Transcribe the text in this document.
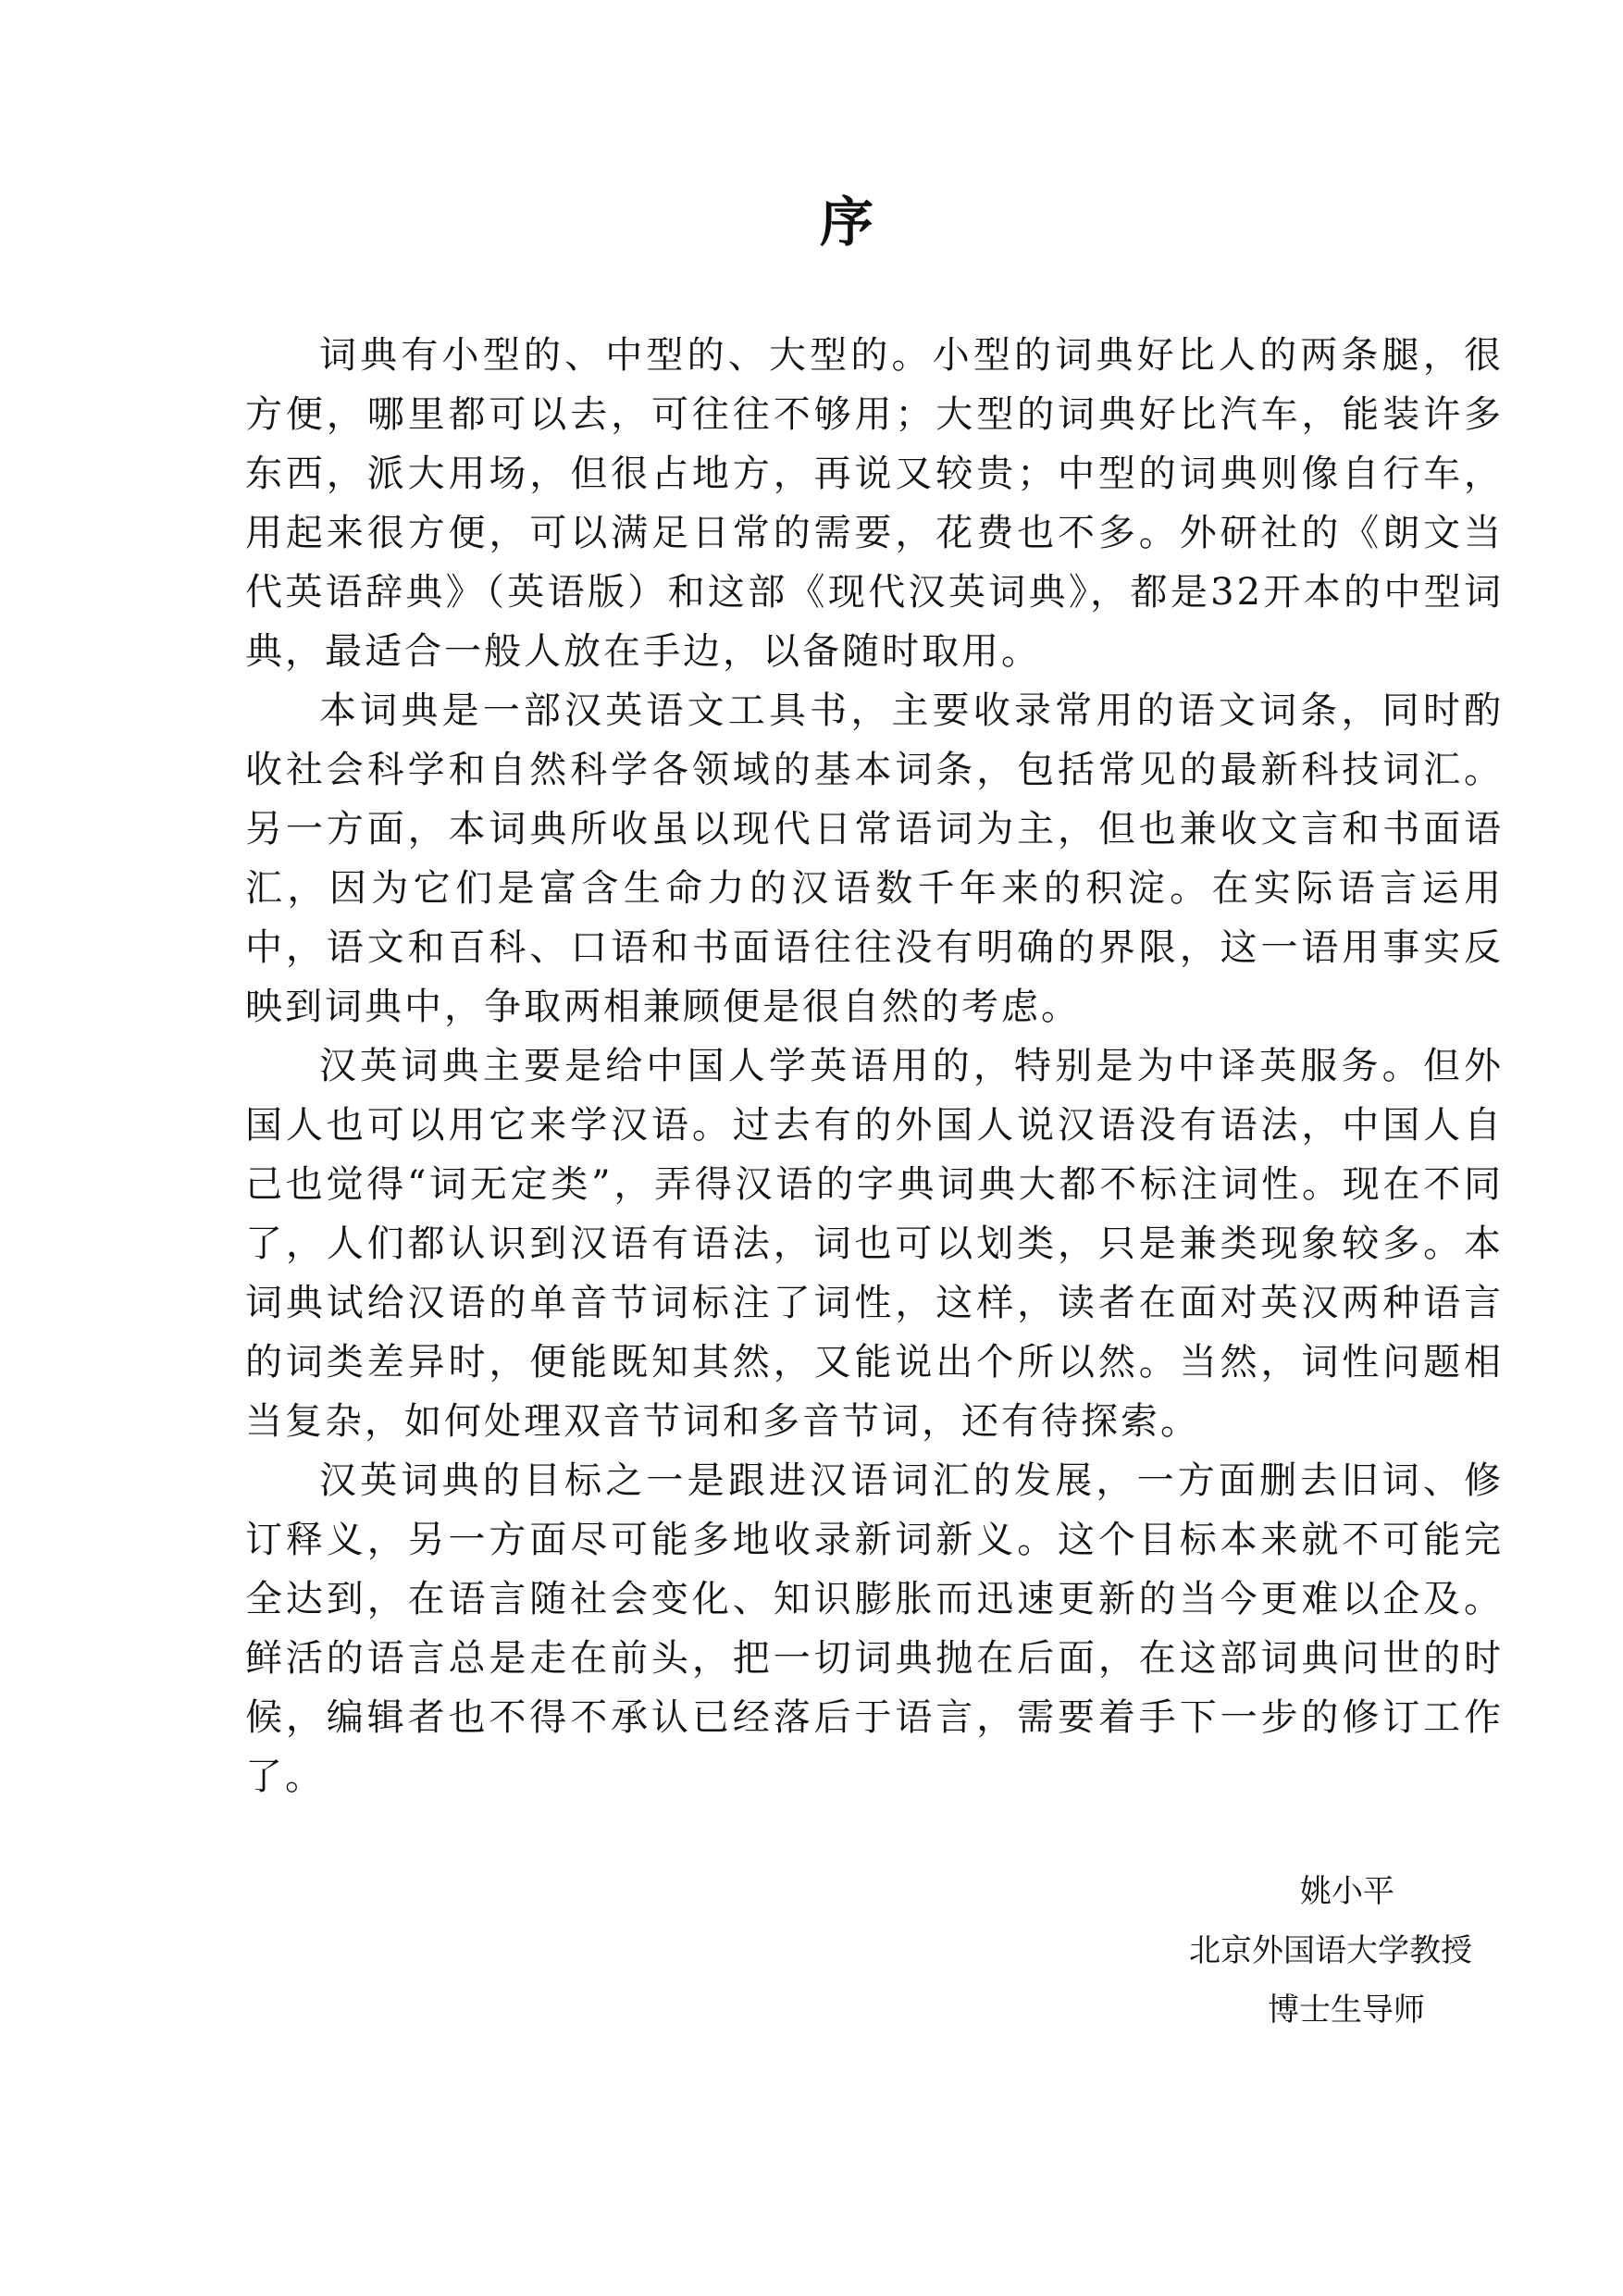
序

词典有小型的、中型的、大型的。小型的词典好比人的两条腿，很方便，哪里都可以去，可往往不够用；大型的词典好比汽车，能装许多东西，派大用场，但很占地方，再说又较贵；中型的词典则像自行车，用起来很方便，可以满足日常的需要，花费也不多。外研社的《朗文当代英语辞典》（英语版）和这部《现代汉英词典》，都是32开本的中型词典，最适合一般人放在手边，以备随时取用。

本词典是一部汉英语文工具书，主要收录常用的语文词条，同时酌收社会科学和自然科学各领域的基本词条，包括常见的最新科技词汇。另一方面，本词典所收虽以现代日常语词为主，但也兼收文言和书面语汇，因为它们是富含生命力的汉语数千年来的积淀。在实际语言运用中，语文和百科、口语和书面语往往没有明确的界限，这一语用事实反映到词典中，争取两相兼顾便是很自然的考虑。

汉英词典主要是给中国人学英语用的，特别是为中译英服务。但外国人也可以用它来学汉语。过去有的外国人说汉语没有语法，中国人自己也觉得“词无定类”，弄得汉语的字典词典大都不标注词性。现在不同了，人们都认识到汉语有语法，词也可以划类，只是兼类现象较多。本词典试给汉语的单音节词标注了词性，这样，读者在面对英汉两种语言的词类差异时，便能既知其然，又能说出个所以然。当然，词性问题相当复杂，如何处理双音节词和多音节词，还有待探索。

汉英词典的目标之一是跟进汉语词汇的发展，一方面删去旧词、修订释义，另一方面尽可能多地收录新词新义。这个目标本来就不可能完全达到，在语言随社会变化、知识膨胀而迅速更新的当今更难以企及。鲜活的语言总是走在前头，把一切词典抛在后面，在这部词典问世的时候，编辑者也不得不承认已经落后于语言，需要着手下一步的修订工作了。

姚小平
北京外国语大学教授
博士生导师
